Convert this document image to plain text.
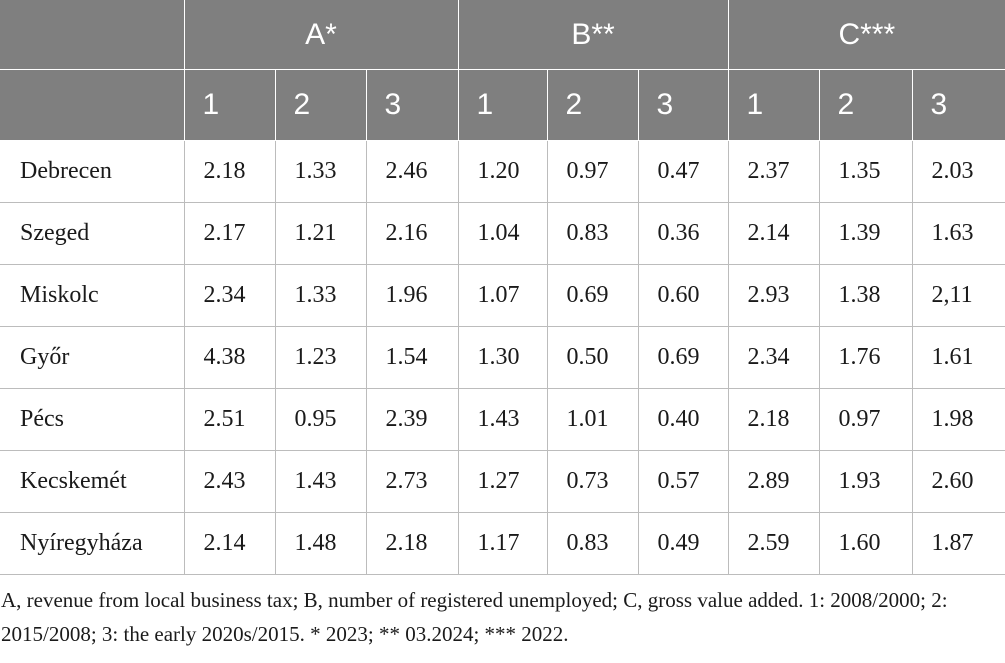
	A*			B**			C***		
	1	2	3	1	2	3	1	2	3
Debrecen	2.18	1.33	2.46	1.20	0.97	0.47	2.37	1.35	2.03
Szeged	2.17	1.21	2.16	1.04	0.83	0.36	2.14	1.39	1.63
Miskolc	2.34	1.33	1.96	1.07	0.69	0.60	2.93	1.38	2,11
Győr	4.38	1.23	1.54	1.30	0.50	0.69	2.34	1.76	1.61
Pécs	2.51	0.95	2.39	1.43	1.01	0.40	2.18	0.97	1.98
Kecskemét	2.43	1.43	2.73	1.27	0.73	0.57	2.89	1.93	2.60
Nyíregyháza	2.14	1.48	2.18	1.17	0.83	0.49	2.59	1.60	1.87

A, revenue from local business tax; B, number of registered unemployed; C, gross value added. 1: 2008/2000; 2: 2015/2008; 3: the early 2020s/2015. * 2023; ** 03.2024; *** 2022.
